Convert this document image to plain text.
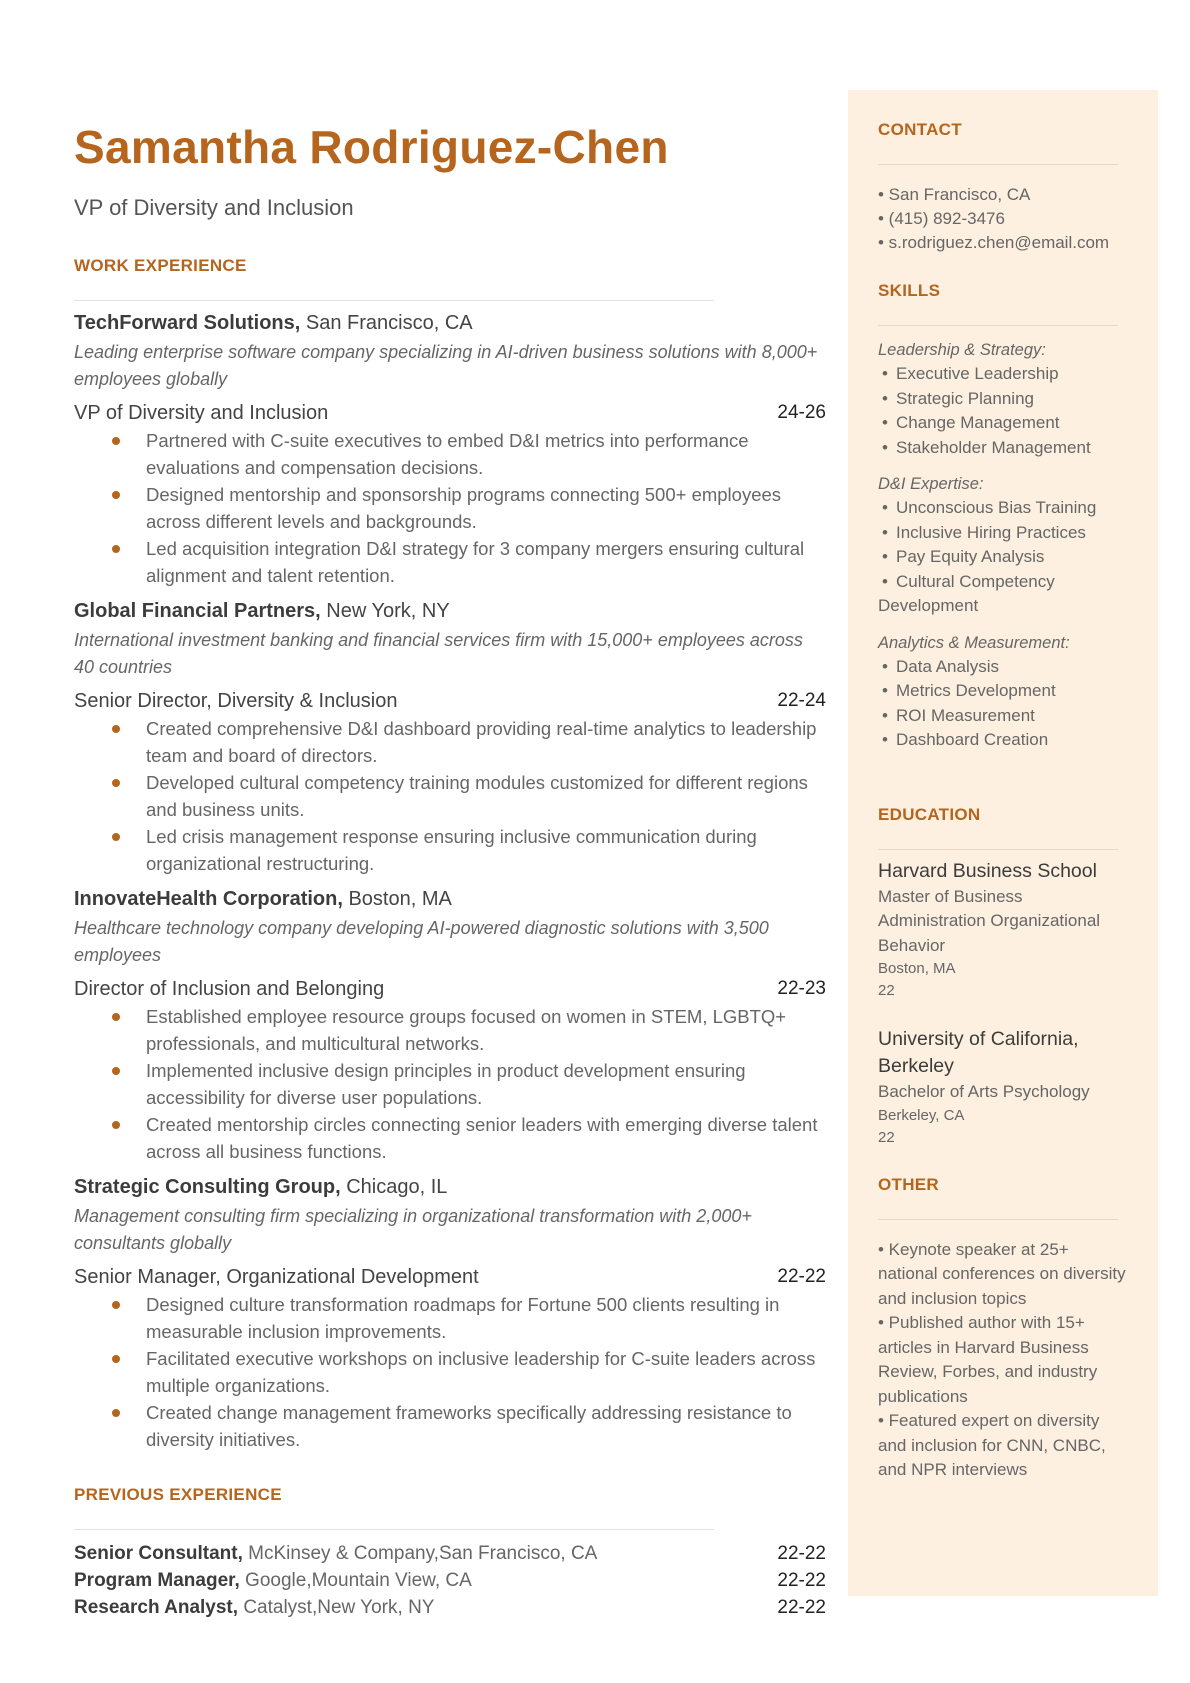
Samantha Rodriguez-Chen
VP of Diversity and Inclusion
WORK EXPERIENCE
TechForward Solutions, San Francisco, CA
Leading enterprise software company specializing in AI-driven business solutions with 8,000+ employees globally
VP of Diversity and Inclusion	24-26
Partnered with C-suite executives to embed D&I metrics into performance evaluations and compensation decisions.
Designed mentorship and sponsorship programs connecting 500+ employees across different levels and backgrounds.
Led acquisition integration D&I strategy for 3 company mergers ensuring cultural alignment and talent retention.
Global Financial Partners, New York, NY
International investment banking and financial services firm with 15,000+ employees across 40 countries
Senior Director, Diversity & Inclusion	22-24
Created comprehensive D&I dashboard providing real-time analytics to leadership team and board of directors.
Developed cultural competency training modules customized for different regions and business units.
Led crisis management response ensuring inclusive communication during organizational restructuring.
InnovateHealth Corporation, Boston, MA
Healthcare technology company developing AI-powered diagnostic solutions with 3,500 employees
Director of Inclusion and Belonging	22-23
Established employee resource groups focused on women in STEM, LGBTQ+ professionals, and multicultural networks.
Implemented inclusive design principles in product development ensuring accessibility for diverse user populations.
Created mentorship circles connecting senior leaders with emerging diverse talent across all business functions.
Strategic Consulting Group, Chicago, IL
Management consulting firm specializing in organizational transformation with 2,000+ consultants globally
Senior Manager, Organizational Development	22-22
Designed culture transformation roadmaps for Fortune 500 clients resulting in measurable inclusion improvements.
Facilitated executive workshops on inclusive leadership for C-suite leaders across multiple organizations.
Created change management frameworks specifically addressing resistance to diversity initiatives.
PREVIOUS EXPERIENCE
Senior Consultant, McKinsey & Company,San Francisco, CA	22-22
Program Manager, Google,Mountain View, CA	22-22
Research Analyst, Catalyst,New York, NY	22-22
CONTACT
• San Francisco, CA
• (415) 892-3476
• s.rodriguez.chen@email.com
SKILLS
Leadership & Strategy:
• Executive Leadership
• Strategic Planning
• Change Management
• Stakeholder Management
D&I Expertise:
• Unconscious Bias Training
• Inclusive Hiring Practices
• Pay Equity Analysis
• Cultural Competency
Development
Analytics & Measurement:
• Data Analysis
• Metrics Development
• ROI Measurement
• Dashboard Creation
EDUCATION
Harvard Business School
Master of Business Administration Organizational Behavior
Boston, MA
22
University of California, Berkeley
Bachelor of Arts Psychology
Berkeley, CA
22
OTHER
• Keynote speaker at 25+ national conferences on diversity and inclusion topics
• Published author with 15+ articles in Harvard Business Review, Forbes, and industry publications
• Featured expert on diversity and inclusion for CNN, CNBC, and NPR interviews
